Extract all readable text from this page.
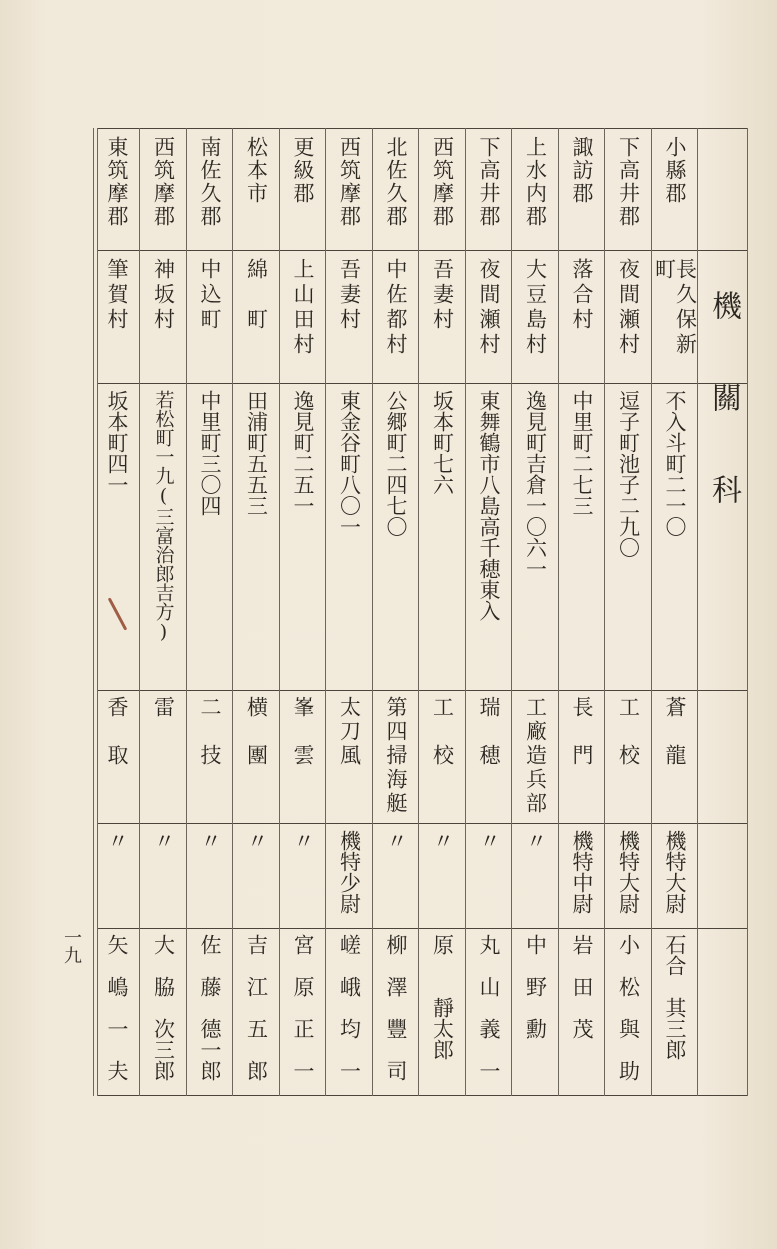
機關科
小縣郡
長久保新町
不入斗町二一〇
蒼　龍
機特大尉
石合　其三郎
下高井郡
夜間瀬村
逗子町池子二九〇
工　校
機特大尉
小　松　與　助
諏訪郡
落合村
中里町二七三
長　門
機特中尉
岩　田　茂
上水内郡
大豆島村
逸見町吉倉一〇六一
工廠造兵部
〃
中　野　勳
下高井郡
夜間瀬村
東舞鶴市八島高千穂東入
瑞　穂
〃
丸　山　義　一
西筑摩郡
吾妻村
坂本町七六
工　校
〃
原　　靜太郎
北佐久郡
中佐都村
公郷町二四七〇
第四掃海艇
〃
柳　澤　豐　司
西筑摩郡
吾妻村
東金谷町八〇一
太刀風
機特少尉
嵯　峨　均　一
更級郡
上山田村
逸見町二五一
峯　雲
〃
宮　原　正　一
松本市
綿　町
田浦町五五三
横　團
〃
吉　江　五　郎
南佐久郡
中込町
中里町三〇四
二　技
〃
佐　藤　德一郎
西筑摩郡
神坂村
若松町一九(三富治郎吉方)
雷
〃
大　脇　次三郎
東筑摩郡
筆賀村
坂本町四一
香　取
〃
矢　嶋　一　夫
一九
